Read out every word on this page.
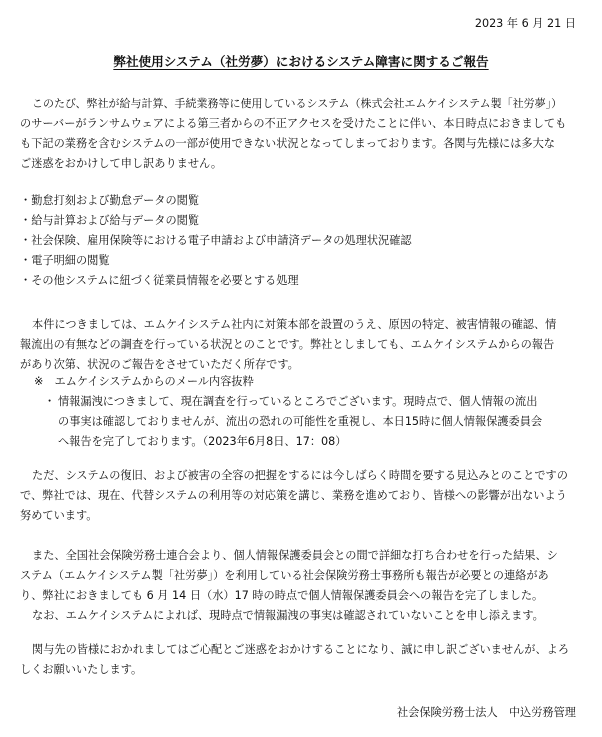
2023 年 6 月 21 日
弊社使用システム（社労夢）におけるシステム障害に関するご報告
このたび、弊社が給与計算、手続業務等に使用しているシステム（株式会社エムケイシステム製「社労夢」）
のサーバーがランサムウェアによる第三者からの不正アクセスを受けたことに伴い、本日時点におきましても
も下記の業務を含むシステムの一部が使用できない状況となってしまっております。各関与先様には多大な
ご迷惑をおかけして申し訳ありません。
・勤怠打刻および勤怠データの閲覧
・給与計算および給与データの閲覧
・社会保険、雇用保険等における電子申請および申請済データの処理状況確認
・電子明細の閲覧
・その他システムに紐づく従業員情報を必要とする処理
本件につきましては、エムケイシステム社内に対策本部を設置のうえ、原因の特定、被害情報の確認、情
報流出の有無などの調査を行っている状況とのことです。弊社としましても、エムケイシステムからの報告
があり次第、状況のご報告をさせていただく所存です。
※　エムケイシステムからのメール内容抜粋
・ 情報漏洩につきまして、現在調査を行っているところでございます。現時点で、個人情報の流出
の事実は確認しておりませんが、流出の恐れの可能性を重視し、本日15時に個人情報保護委員会
へ報告を完了しております。（2023年6月8日、17：08）
ただ、システムの復旧、および被害の全容の把握をするには今しばらく時間を要する見込みとのことですの
で、弊社では、現在、代替システムの利用等の対応策を講じ、業務を進めており、皆様への影響が出ないよう
努めています。
また、全国社会保険労務士連合会より、個人情報保護委員会との間で詳細な打ち合わせを行った結果、シ
ステム（エムケイシステム製「社労夢」）を利用している社会保険労務士事務所も報告が必要との連絡があ
り、弊社におきましても 6 月 14 日（水）17 時の時点で個人情報保護委員会への報告を完了しました。
なお、エムケイシステムによれば、現時点で情報漏洩の事実は確認されていないことを申し添えます。
関与先の皆様におかれましてはご心配とご迷惑をおかけすることになり、誠に申し訳ございませんが、よろ
しくお願いいたします。
社会保険労務士法人　中込労務管理
